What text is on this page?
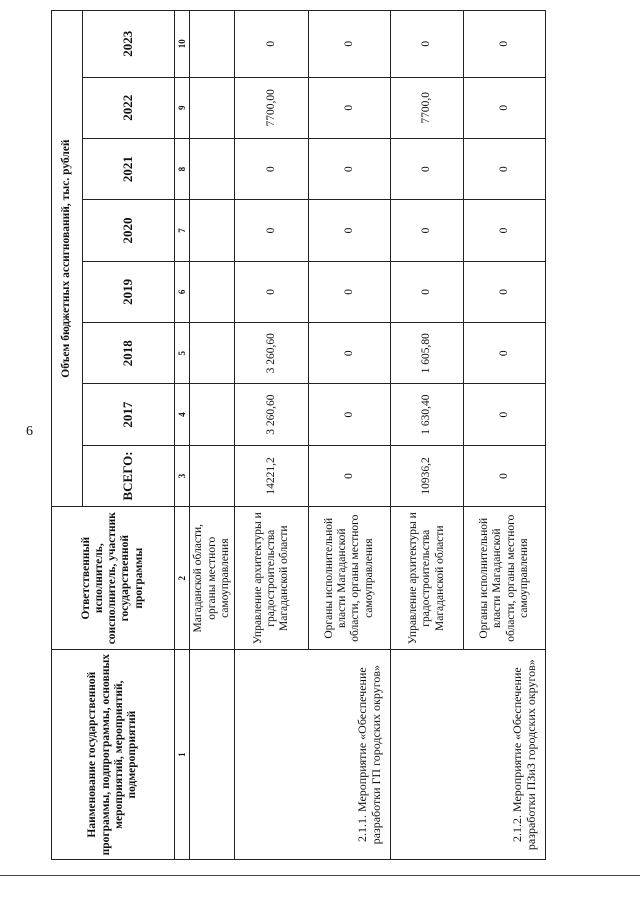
6
Наименование государственной программы, подпрограммы, основных мероприятий, мероприятий, подмероприятий	Ответственный исполнитель, соисполнитель, участник государственной программы	Объем бюджетных ассигнований, тыс. рублей							
		ВСЕГО:	2017	2018	2019	2020	2021	2022	2023
1	2	3	4	5	6	7	8	9	10
	Магаданской области, органы местного самоуправления								
2.1.1. Мероприятие «Обеспечение разработки ГП городских округов»	Управление архитектуры и градостроительства Магаданской области	14221,2	3 260,60	3 260,60	0	0	0	7700,00	0
	Органы исполнительной власти Магаданской области, органы местного самоуправления	0	0	0	0	0	0	0	0
2.1.2. Мероприятие «Обеспечение разработки ПЗиЗ городских округов»	Управление архитектуры и градостроительства Магаданской области	10936,2	1 630,40	1 605,80	0	0	0	7700,0	0
	Органы исполнительной власти Магаданской области, органы местного самоуправления	0	0	0	0	0	0	0	0
